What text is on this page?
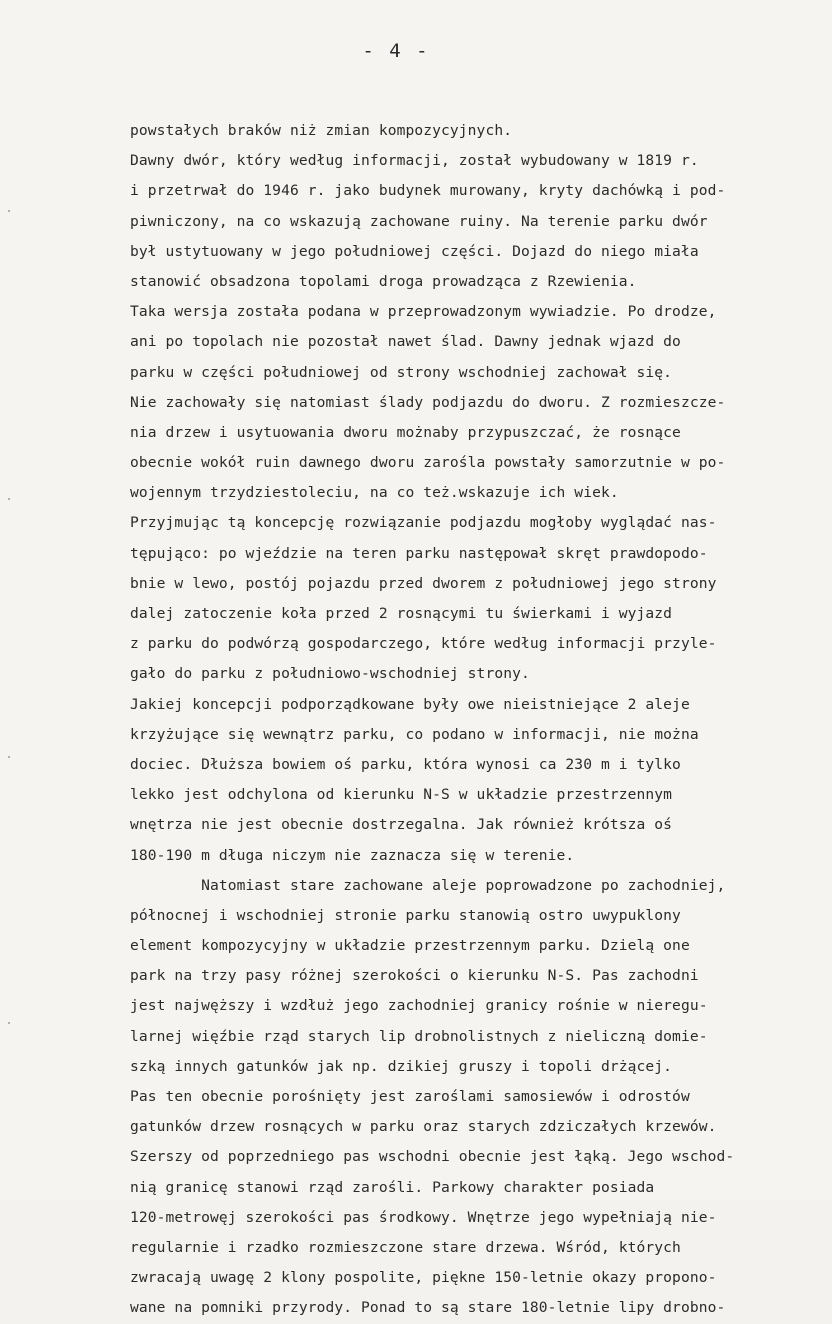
- 4 -
powstałych braków niż zmian kompozycyjnych.
Dawny dwór, który według informacji, został wybudowany w 1819 r.
i przetrwał do 1946 r. jako budynek murowany, kryty dachówką i pod-
piwniczony, na co wskazują zachowane ruiny. Na terenie parku dwór
był ustytuowany w jego południowej części. Dojazd do niego miała
stanowić obsadzona topolami droga prowadząca z Rzewienia.
Taka wersja została podana w przeprowadzonym wywiadzie. Po drodze,
ani po topolach nie pozostał nawet ślad. Dawny jednak wjazd do
parku w części południowej od strony wschodniej zachował się.
Nie zachowały się natomiast ślady podjazdu do dworu. Z rozmieszcze-
nia drzew i usytuowania dworu możnaby przypuszczać, że rosnące
obecnie wokół ruin dawnego dworu zarośla powstały samorzutnie w po-
wojennym trzydziestoleciu, na co też.wskazuje ich wiek.
Przyjmując tą koncepcję rozwiązanie podjazdu mogłoby wyglądać nas-
tępująco: po wjeździe na teren parku następował skręt prawdopodo-
bnie w lewo, postój pojazdu przed dworem z południowej jego strony
dalej zatoczenie koła przed 2 rosnącymi tu świerkami i wyjazd
z parku do podwórzą gospodarczego, które według informacji przyle-
gało do parku z południowo-wschodniej strony.
Jakiej koncepcji podporządkowane były owe nieistniejące 2 aleje
krzyżujące się wewnątrz parku, co podano w informacji, nie można
dociec. Dłuższa bowiem oś parku, która wynosi ca 230 m i tylko
lekko jest odchylona od kierunku N-S w układzie przestrzennym
wnętrza nie jest obecnie dostrzegalna. Jak również krótsza oś
180-190 m długa niczym nie zaznacza się w terenie.
Natomiast stare zachowane aleje poprowadzone po zachodniej,
północnej i wschodniej stronie parku stanowią ostro uwypuklony
element kompozycyjny w układzie przestrzennym parku. Dzielą one
park na trzy pasy różnej szerokości o kierunku N-S. Pas zachodni
jest najwęższy i wzdłuż jego zachodniej granicy rośnie w nieregu-
larnej więźbie rząd starych lip drobnolistnych z nieliczną domie-
szką innych gatunków jak np. dzikiej gruszy i topoli drżącej.
Pas ten obecnie porośnięty jest zaroślami samosiewów i odrostów
gatunków drzew rosnących w parku oraz starych zdziczałych krzewów.
Szerszy od poprzedniego pas wschodni obecnie jest łąką. Jego wschod-
nią granicę stanowi rząd zarośli. Parkowy charakter posiada
120-metrowęj szerokości pas środkowy. Wnętrze jego wypełniają nie-
regularnie i rzadko rozmieszczone stare drzewa. Wśród, których
zwracają uwagę 2 klony pospolite, piękne 150-letnie okazy propono-
wane na pomniki przyrody. Ponad to są stare 180-letnie lipy drobno-
